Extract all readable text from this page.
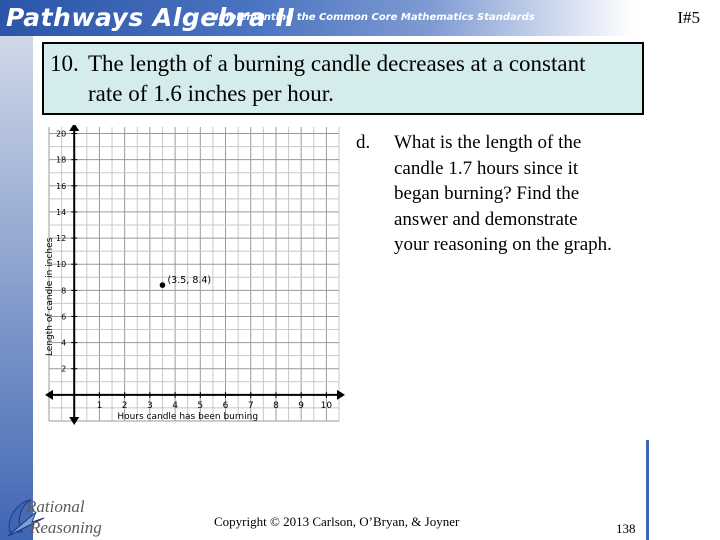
Pathways Algebra II
Implementing the Common Core Mathematics Standards	I#5
10. The length of a burning candle decreases at a constant
rate of 1.6 inches per hour.
1 2 3 4 5 6 7 8 9 10
2
4
6
8
10
12
14
16
18
20
Hours candle has been burning
Length of candle in inches	(3.5, 8.4)
d. What is the length of the
candle 1.7 hours since it
began burning? Find the
answer and demonstrate
your reasoning on the graph.
Rational
Reasoning	Copyright © 2013 Carlson, O’Bryan, & Joyner	138
